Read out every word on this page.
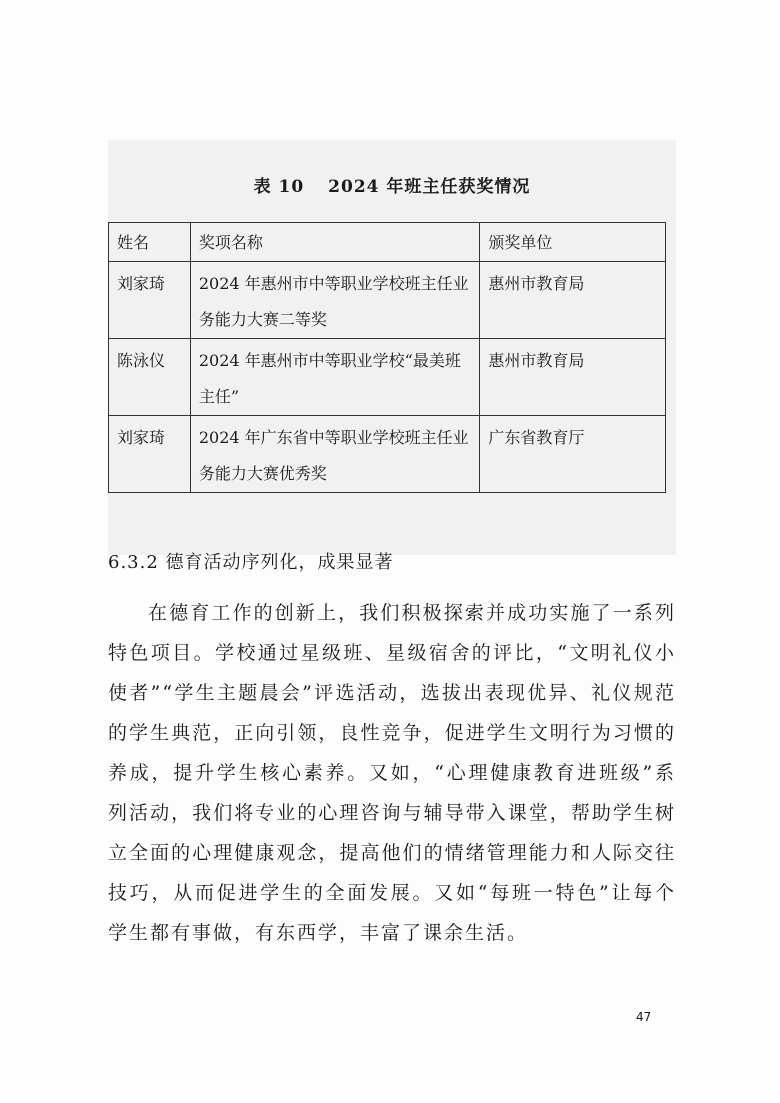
表 10 2024 年班主任获奖情况
姓名	奖项名称	颁奖单位
刘家琦	2024 年惠州市中等职业学校班主任业务能力大赛二等奖	惠州市教育局
陈泳仪	2024 年惠州市中等职业学校“最美班主任”	惠州市教育局
刘家琦	2024 年广东省中等职业学校班主任业务能力大赛优秀奖	广东省教育厅
6.3.2 德育活动序列化，成果显著

在德育工作的创新上，我们积极探索并成功实施了一系列特色项目。学校通过星级班、星级宿舍的评比，“文明礼仪小使者”“学生主题晨会”评选活动，选拔出表现优异、礼仪规范的学生典范，正向引领，良性竞争，促进学生文明行为习惯的养成，提升学生核心素养。又如，“心理健康教育进班级”系列活动，我们将专业的心理咨询与辅导带入课堂，帮助学生树立全面的心理健康观念，提高他们的情绪管理能力和人际交往技巧，从而促进学生的全面发展。又如“每班一特色”让每个学生都有事做，有东西学，丰富了课余生活。

47
